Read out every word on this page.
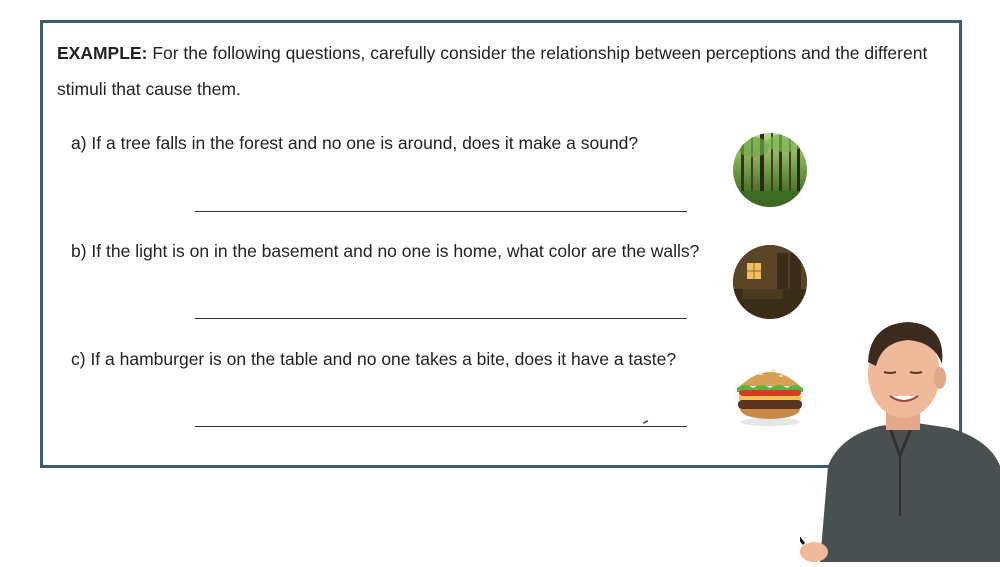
EXAMPLE: For the following questions, carefully consider the relationship between perceptions and the different stimuli that cause them.
a) If a tree falls in the forest and no one is around, does it make a sound?
b) If the light is on in the basement and no one is home, what color are the walls?
c) If a hamburger is on the table and no one takes a bite, does it have a taste?
